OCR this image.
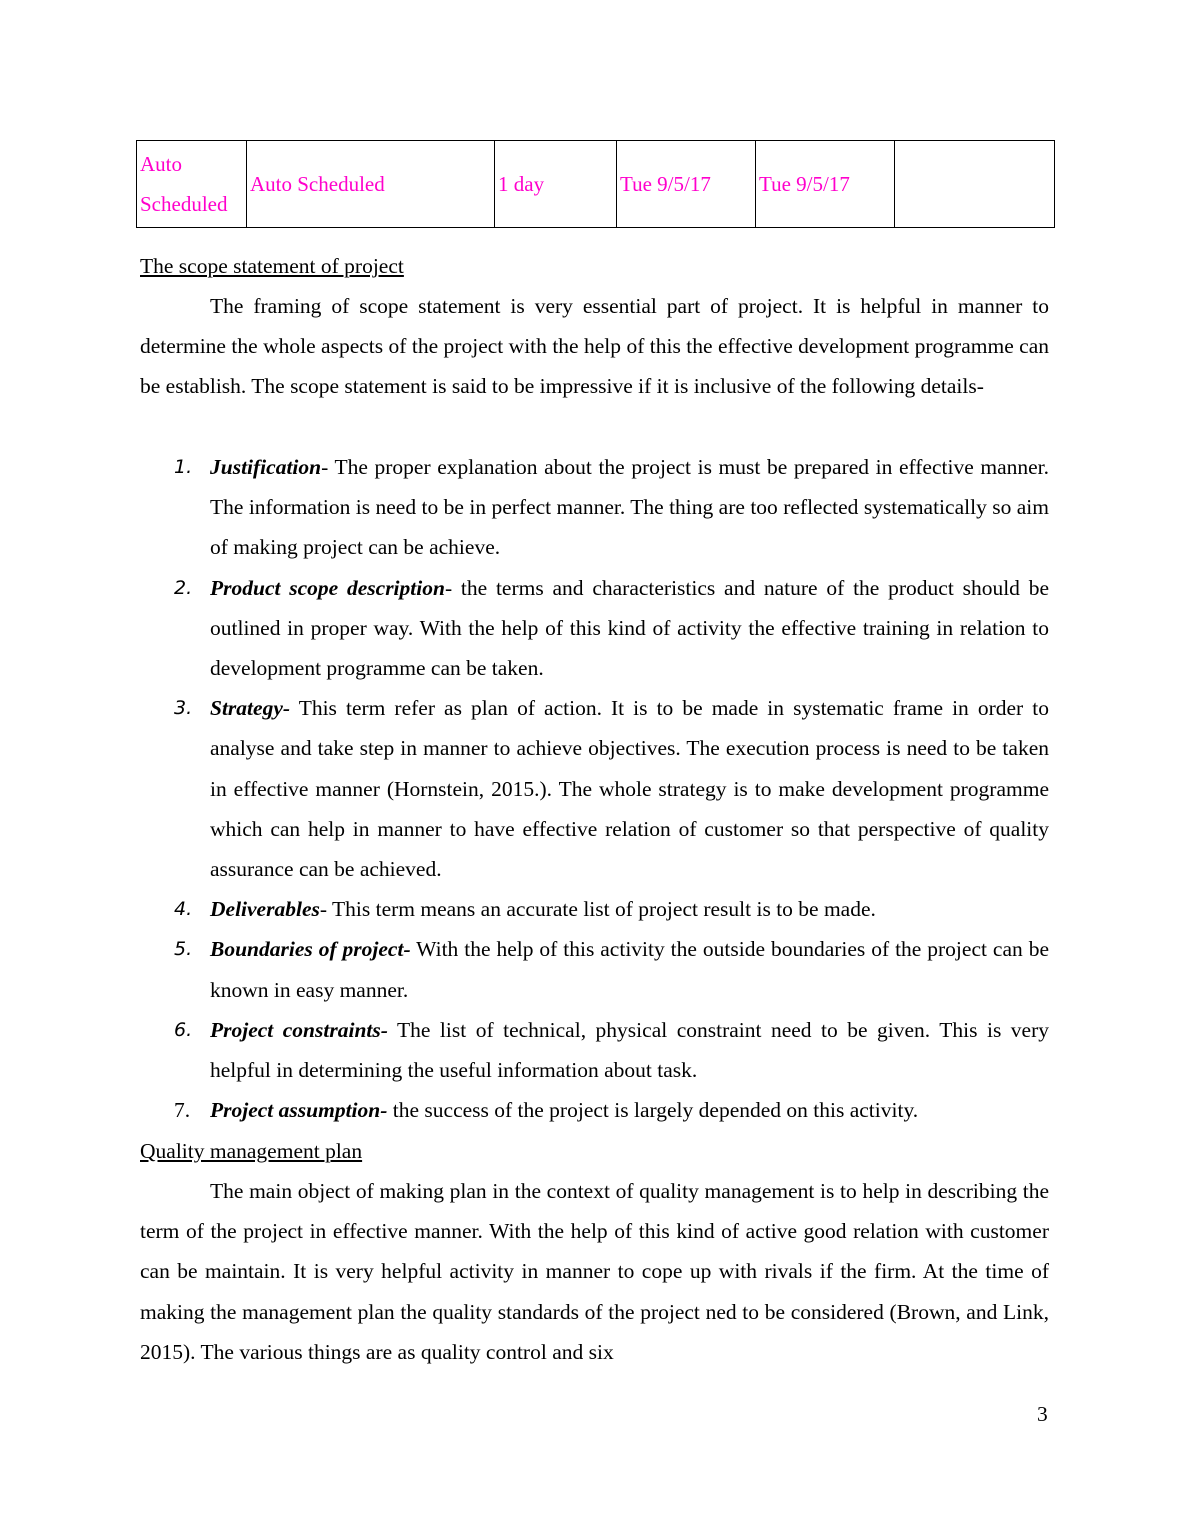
Auto Scheduled	Auto Scheduled	1 day	Tue 9/5/17	Tue 9/5/17	
The scope statement of project

The framing of scope statement is very essential part of project. It is helpful in manner to determine the whole aspects of the project with the help of this the effective development programme can be establish. The scope statement is said to be impressive if it is inclusive of the following details-

1. Justification- The proper explanation about the project is must be prepared in effective manner. The information is need to be in perfect manner. The thing are too reflected systematically so aim of making project can be achieve.
2. Product scope description- the terms and characteristics and nature of the product should be outlined in proper way. With the help of this kind of activity the effective training in relation to development programme can be taken.
3. Strategy- This term refer as plan of action. It is to be made in systematic frame in order to analyse and take step in manner to achieve objectives. The execution process is need to be taken in effective manner (Hornstein, 2015.). The whole strategy is to make development programme which can help in manner to have effective relation of customer so that perspective of quality assurance can be achieved.
4. Deliverables- This term means an accurate list of project result is to be made.
5. Boundaries of project- With the help of this activity the outside boundaries of the project can be known in easy manner.
6. Project constraints- The list of technical, physical constraint need to be given. This is very helpful in determining the useful information about task.
7. Project assumption- the success of the project is largely depended on this activity.
Quality management plan

The main object of making plan in the context of quality management is to help in describing the term of the project in effective manner. With the help of this kind of active good relation with customer can be maintain. It is very helpful activity in manner to cope up with rivals if the firm. At the time of making the management plan the quality standards of the project ned to be considered (Brown, and Link, 2015). The various things are as quality control and six

3
